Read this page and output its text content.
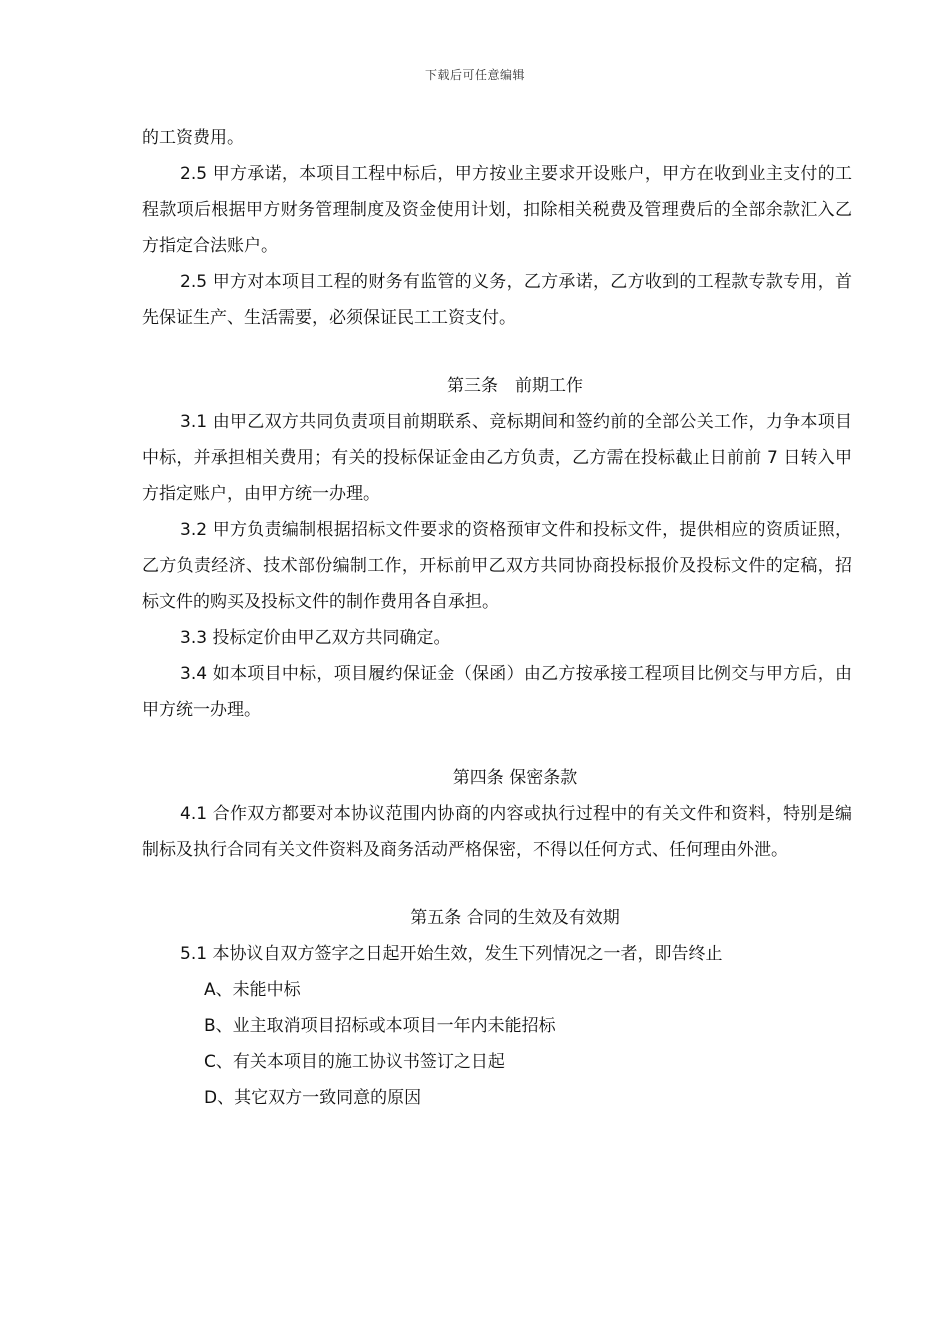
下载后可任意编辑

的工资费用。

2.5 甲方承诺，本项目工程中标后，甲方按业主要求开设账户，甲方在收到业主支付的工程款项后根据甲方财务管理制度及资金使用计划，扣除相关税费及管理费后的全部余款汇入乙方指定合法账户。

2.5 甲方对本项目工程的财务有监管的义务，乙方承诺，乙方收到的工程款专款专用，首先保证生产、生活需要，必须保证民工工资支付。

第三条　前期工作

3.1 由甲乙双方共同负责项目前期联系、竞标期间和签约前的全部公关工作，力争本项目中标，并承担相关费用；有关的投标保证金由乙方负责，乙方需在投标截止日前前 7 日转入甲方指定账户，由甲方统一办理。

3.2 甲方负责编制根据招标文件要求的资格预审文件和投标文件，提供相应的资质证照，乙方负责经济、技术部份编制工作，开标前甲乙双方共同协商投标报价及投标文件的定稿，招标文件的购买及投标文件的制作费用各自承担。

3.3 投标定价由甲乙双方共同确定。

3.4 如本项目中标，项目履约保证金（保函）由乙方按承接工程项目比例交与甲方后，由甲方统一办理。

第四条 保密条款

4.1 合作双方都要对本协议范围内协商的内容或执行过程中的有关文件和资料，特别是编制标及执行合同有关文件资料及商务活动严格保密，不得以任何方式、任何理由外泄。

第五条 合同的生效及有效期

5.1 本协议自双方签字之日起开始生效，发生下列情况之一者，即告终止

A、未能中标

B、业主取消项目招标或本项目一年内未能招标

C、有关本项目的施工协议书签订之日起

D、其它双方一致同意的原因
